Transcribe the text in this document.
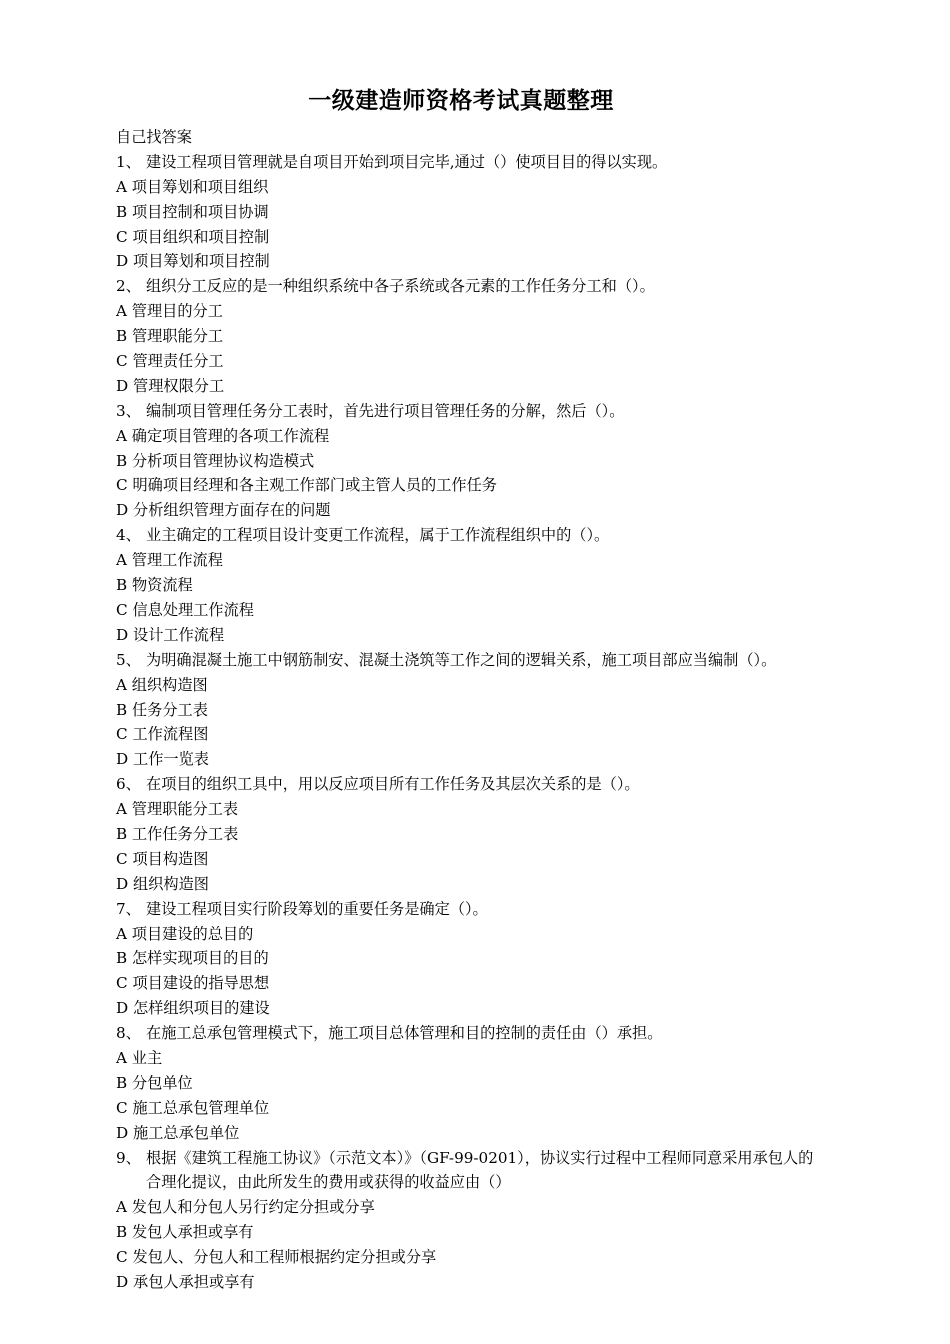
一级建造师资格考试真题整理
自己找答案
1、 建设工程项目管理就是自项目开始到项目完毕,通过（）使项目目的得以实现。
A 项目筹划和项目组织
B 项目控制和项目协调
C 项目组织和项目控制
D 项目筹划和项目控制
2、 组织分工反应的是一种组织系统中各子系统或各元素的工作任务分工和（）。
A 管理目的分工
B 管理职能分工
C 管理责任分工
D 管理权限分工
3、 编制项目管理任务分工表时，首先进行项目管理任务的分解，然后（）。
A 确定项目管理的各项工作流程
B 分析项目管理协议构造模式
C 明确项目经理和各主观工作部门或主管人员的工作任务
D 分析组织管理方面存在的问题
4、 业主确定的工程项目设计变更工作流程，属于工作流程组织中的（）。
A 管理工作流程
B 物资流程
C 信息处理工作流程
D 设计工作流程
5、 为明确混凝土施工中钢筋制安、混凝土浇筑等工作之间的逻辑关系，施工项目部应当编制（）。
A 组织构造图
B 任务分工表
C 工作流程图
D 工作一览表
6、 在项目的组织工具中，用以反应项目所有工作任务及其层次关系的是（）。
A 管理职能分工表
B 工作任务分工表
C 项目构造图
D 组织构造图
7、 建设工程项目实行阶段筹划的重要任务是确定（）。
A 项目建设的总目的
B 怎样实现项目的目的
C 项目建设的指导思想
D 怎样组织项目的建设
8、 在施工总承包管理模式下，施工项目总体管理和目的控制的责任由（）承担。
A 业主
B 分包单位
C 施工总承包管理单位
D 施工总承包单位
9、 根据《建筑工程施工协议》（示范文本）》（GF-99-0201），协议实行过程中工程师同意采用承包人的合理化提议，由此所发生的费用或获得的收益应由（）
A 发包人和分包人另行约定分担或分享
B 发包人承担或享有
C 发包人、分包人和工程师根据约定分担或分享
D 承包人承担或享有
